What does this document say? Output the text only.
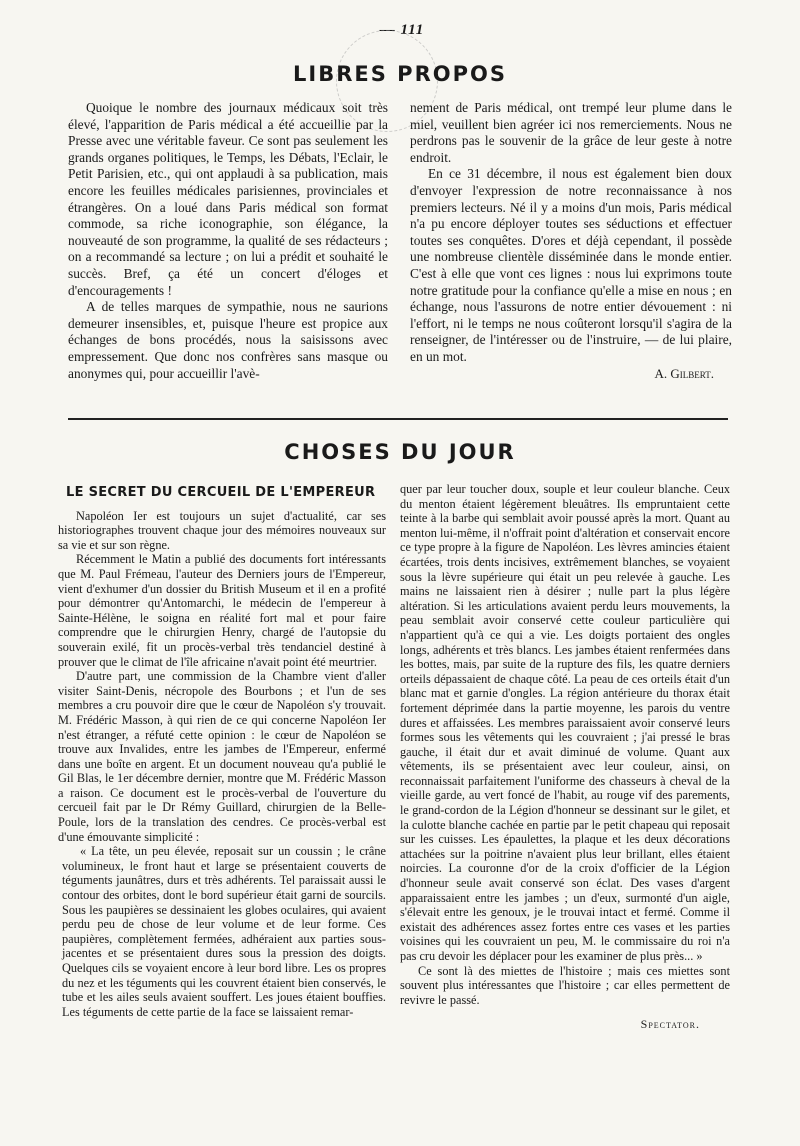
— 111
LIBRES PROPOS

Quoique le nombre des journaux médicaux soit très élevé, l'apparition de Paris médical a été accueillie par la Presse avec une véritable faveur. Ce sont pas seulement les grands organes politiques, le Temps, les Débats, l'Eclair, le Petit Parisien, etc., qui ont applaudi à sa publication, mais encore les feuilles médicales parisiennes, provinciales et étrangères. On a loué dans Paris médical son format commode, sa riche iconographie, son élégance, la nouveauté de son programme, la qualité de ses rédacteurs ; on a recommandé sa lecture ; on lui a prédit et souhaité le succès. Bref, ça été un concert d'éloges et d'encouragements !

A de telles marques de sympathie, nous ne saurions demeurer insensibles, et, puisque l'heure est propice aux échanges de bons procédés, nous la saisissons avec empressement. Que donc nos confrères sans masque ou anonymes qui, pour accueillir l'avè-

nement de Paris médical, ont trempé leur plume dans le miel, veuillent bien agréer ici nos remerciements. Nous ne perdrons pas le souvenir de la grâce de leur geste à notre endroit.

En ce 31 décembre, il nous est également bien doux d'envoyer l'expression de notre reconnaissance à nos premiers lecteurs. Né il y a moins d'un mois, Paris médical n'a pu encore déployer toutes ses séductions et effectuer toutes ses conquêtes. D'ores et déjà cependant, il possède une nombreuse clientèle disséminée dans le monde entier. C'est à elle que vont ces lignes : nous lui exprimons toute notre gratitude pour la confiance qu'elle a mise en nous ; en échange, nous l'assurons de notre entier dévouement : ni l'effort, ni le temps ne nous coûteront lorsqu'il s'agira de la renseigner, de l'intéresser ou de l'instruire, — de lui plaire, en un mot.

A. Gilbert.

CHOSES DU JOUR
LE SECRET DU CERCUEIL DE L'EMPEREUR

Napoléon Ier est toujours un sujet d'actualité, car ses historiographes trouvent chaque jour des mémoires nouveaux sur sa vie et sur son règne.

Récemment le Matin a publié des documents fort intéressants que M. Paul Frémeau, l'auteur des Derniers jours de l'Empereur, vient d'exhumer d'un dossier du British Museum et il en a profité pour démontrer qu'Antomarchi, le médecin de l'empereur à Sainte-Hélène, le soigna en réalité fort mal et pour faire comprendre que le chirurgien Henry, chargé de l'autopsie du souverain exilé, fit un procès-verbal très tendanciel destiné à prouver que le climat de l'île africaine n'avait point été meurtrier.

D'autre part, une commission de la Chambre vient d'aller visiter Saint-Denis, nécropole des Bourbons ; et l'un de ses membres a cru pouvoir dire que le cœur de Napoléon s'y trouvait. M. Frédéric Masson, à qui rien de ce qui concerne Napoléon Ier n'est étranger, a réfuté cette opinion : le cœur de Napoléon se trouve aux Invalides, entre les jambes de l'Empereur, enfermé dans une boîte en argent. Et un document nouveau qu'a publié le Gil Blas, le 1er décembre dernier, montre que M. Frédéric Masson a raison. Ce document est le procès-verbal de l'ouverture du cercueil fait par le Dr Rémy Guillard, chirurgien de la Belle-Poule, lors de la translation des cendres. Ce procès-verbal est d'une émouvante simplicité :

« La tête, un peu élevée, reposait sur un coussin ; le crâne volumineux, le front haut et large se présentaient couverts de téguments jaunâtres, durs et très adhérents. Tel paraissait aussi le contour des orbites, dont le bord supérieur était garni de sourcils. Sous les paupières se dessinaient les globes oculaires, qui avaient perdu peu de chose de leur volume et de leur forme. Ces paupières, complètement fermées, adhéraient aux parties sous-jacentes et se présentaient dures sous la pression des doigts. Quelques cils se voyaient encore à leur bord libre. Les os propres du nez et les téguments qui les couvrent étaient bien conservés, le tube et les ailes seuls avaient souffert. Les joues étaient bouffies. Les téguments de cette partie de la face se laissaient remar-

quer par leur toucher doux, souple et leur couleur blanche. Ceux du menton étaient légèrement bleuâtres. Ils empruntaient cette teinte à la barbe qui semblait avoir poussé après la mort. Quant au menton lui-même, il n'offrait point d'altération et conservait encore ce type propre à la figure de Napoléon. Les lèvres amincies étaient écartées, trois dents incisives, extrêmement blanches, se voyaient sous la lèvre supérieure qui était un peu relevée à gauche. Les mains ne laissaient rien à désirer ; nulle part la plus légère altération. Si les articulations avaient perdu leurs mouvements, la peau semblait avoir conservé cette couleur particulière qui n'appartient qu'à ce qui a vie. Les doigts portaient des ongles longs, adhérents et très blancs. Les jambes étaient renfermées dans les bottes, mais, par suite de la rupture des fils, les quatre derniers orteils dépassaient de chaque côté. La peau de ces orteils était d'un blanc mat et garnie d'ongles. La région antérieure du thorax était fortement déprimée dans la partie moyenne, les parois du ventre dures et affaissées. Les membres paraissaient avoir conservé leurs formes sous les vêtements qui les couvraient ; j'ai pressé le bras gauche, il était dur et avait diminué de volume. Quant aux vêtements, ils se présentaient avec leur couleur, ainsi, on reconnaissait parfaitement l'uniforme des chasseurs à cheval de la vieille garde, au vert foncé de l'habit, au rouge vif des parements, le grand-cordon de la Légion d'honneur se dessinant sur le gilet, et la culotte blanche cachée en partie par le petit chapeau qui reposait sur les cuisses. Les épaulettes, la plaque et les deux décorations attachées sur la poitrine n'avaient plus leur brillant, elles étaient noircies. La couronne d'or de la croix d'officier de la Légion d'honneur seule avait conservé son éclat. Des vases d'argent apparaissaient entre les jambes ; un d'eux, surmonté d'un aigle, s'élevait entre les genoux, je le trouvai intact et fermé. Comme il existait des adhérences assez fortes entre ces vases et les parties voisines qui les couvraient un peu, M. le commissaire du roi n'a pas cru devoir les déplacer pour les examiner de plus près... »

Ce sont là des miettes de l'histoire ; mais ces miettes sont souvent plus intéressantes que l'histoire ; car elles permettent de revivre le passé.

Spectator.
